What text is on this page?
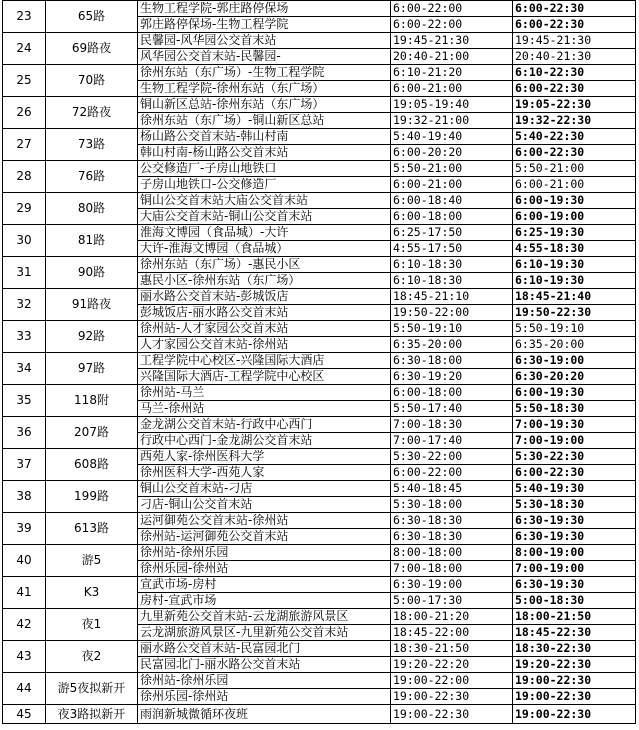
23	65路	生物工程学院-郭庄路停保场	6:00-22:00	6:00-22:30
		郭庄路停保场-生物工程学院	6:00-22:00	6:00-22:30
24	69路夜	民馨园-风华园公交首末站	19:45-21:30	19:45-21:30
		风华园公交首末站-民馨园-	20:40-21:00	20:40-21:30
25	70路	徐州东站（东广场）-生物工程学院	6:10-21:20	6:10-22:30
		生物工程学院-徐州东站（东广场）	6:00-21:00	6:00-22:30
26	72路夜	铜山新区总站-徐州东站（东广场）	19:05-19:40	19:05-22:30
		徐州东站（东广场）-铜山新区总站	19:32-21:00	19:32-22:30
27	73路	杨山路公交首末站-韩山村南	5:40-19:40	5:40-22:30
		韩山村南-杨山路公交首末站	6:00-20:20	6:00-22:30
28	76路	公交修造厂-子房山地铁口	5:50-21:00	5:50-21:00
		子房山地铁口-公交修造厂	6:00-21:00	6:00-21:00
29	80路	铜山公交首末站大庙公交首末站	6:00-18:40	6:00-19:30
		大庙公交首末站-铜山公交首末站	6:00-18:00	6:00-19:00
30	81路	淮海文博园（食品城）-大许	6:25-17:50	6:25-19:30
		大许-淮海文博园（食品城）	4:55-17:50	4:55-18:30
31	90路	徐州东站（东广场）-惠民小区	6:10-18:30	6:10-19:30
		惠民小区-徐州东站（东广场）	6:10-18:30	6:10-19:30
32	91路夜	丽水路公交首末站-彭城饭店	18:45-21:10	18:45-21:40
		彭城饭店-丽水路公交首末站	19:50-22:00	19:50-22:30
33	92路	徐州站-人才家园公交首末站	5:50-19:10	5:50-19:10
		人才家园公交首末站-徐州站	6:35-20:00	6:35-20:00
34	97路	工程学院中心校区-兴隆国际大酒店	6:30-18:00	6:30-19:00
		兴隆国际大酒店-工程学院中心校区	6:30-19:20	6:30-20:20
35	118附	徐州站-马兰	6:00-18:00	6:00-19:30
		马兰-徐州站	5:50-17:40	5:50-18:30
36	207路	金龙湖公交首末站-行政中心西门	7:00-18:30	7:00-19:30
		行政中心西门-金龙湖公交首末站	7:00-17:40	7:00-19:00
37	608路	西苑人家-徐州医科大学	5:30-22:00	5:30-22:30
		徐州医科大学-西苑人家	6:00-22:00	6:00-22:30
38	199路	铜山公交首末站-刁店	5:40-18:45	5:40-19:30
		刁店-铜山公交首末站	5:30-18:00	5:30-18:30
39	613路	运河御苑公交首末站-徐州站	6:30-18:30	6:30-19:30
		徐州站-运河御苑公交首末站	6:30-18:30	6:30-19:30
40	游5	徐州站-徐州乐园	8:00-18:00	8:00-19:00
		徐州乐园-徐州站	7:00-18:00	7:00-19:00
41	K3	宣武市场-房村	6:30-19:00	6:30-19:30
		房村-宣武市场	5:00-17:30	5:00-18:30
42	夜1	九里新苑公交首末站-云龙湖旅游风景区	18:00-21:20	18:00-21:50
		云龙湖旅游风景区-九里新苑公交首末站	18:45-22:00	18:45-22:30
43	夜2	丽水路公交首末站-民富园北门	18:30-21:50	18:30-22:30
		民富园北门-丽水路公交首末站	19:20-22:20	19:20-22:30
44	游5夜拟新开	徐州站-徐州乐园	19:00-22:00	19:00-22:30
		徐州乐园-徐州站	19:00-22:30	19:00-22:30
45	夜3路拟新开	雨润新城微循环夜班	19:00-22:30	19:00-22:30
